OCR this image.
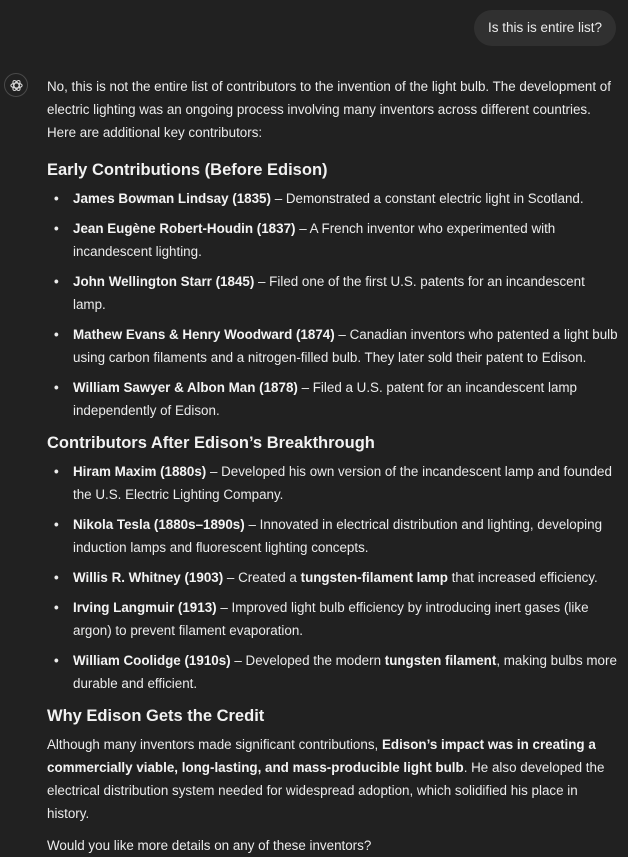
Is this is entire list?

No, this is not the entire list of contributors to the invention of the light bulb. The development of electric lighting was an ongoing process involving many inventors across different countries. Here are additional key contributors:

Early Contributions (Before Edison)
• James Bowman Lindsay (1835) – Demonstrated a constant electric light in Scotland.
• Jean Eugène Robert-Houdin (1837) – A French inventor who experimented with incandescent lighting.
• John Wellington Starr (1845) – Filed one of the first U.S. patents for an incandescent lamp.
• Mathew Evans & Henry Woodward (1874) – Canadian inventors who patented a light bulb using carbon filaments and a nitrogen-filled bulb. They later sold their patent to Edison.
• William Sawyer & Albon Man (1878) – Filed a U.S. patent for an incandescent lamp independently of Edison.
Contributors After Edison’s Breakthrough
• Hiram Maxim (1880s) – Developed his own version of the incandescent lamp and founded the U.S. Electric Lighting Company.
• Nikola Tesla (1880s–1890s) – Innovated in electrical distribution and lighting, developing induction lamps and fluorescent lighting concepts.
• Willis R. Whitney (1903) – Created a tungsten-filament lamp that increased efficiency.
• Irving Langmuir (1913) – Improved light bulb efficiency by introducing inert gases (like argon) to prevent filament evaporation.
• William Coolidge (1910s) – Developed the modern tungsten filament, making bulbs more durable and efficient.
Why Edison Gets the Credit

Although many inventors made significant contributions, Edison’s impact was in creating a commercially viable, long-lasting, and mass-producible light bulb. He also developed the electrical distribution system needed for widespread adoption, which solidified his place in history.

Would you like more details on any of these inventors?
